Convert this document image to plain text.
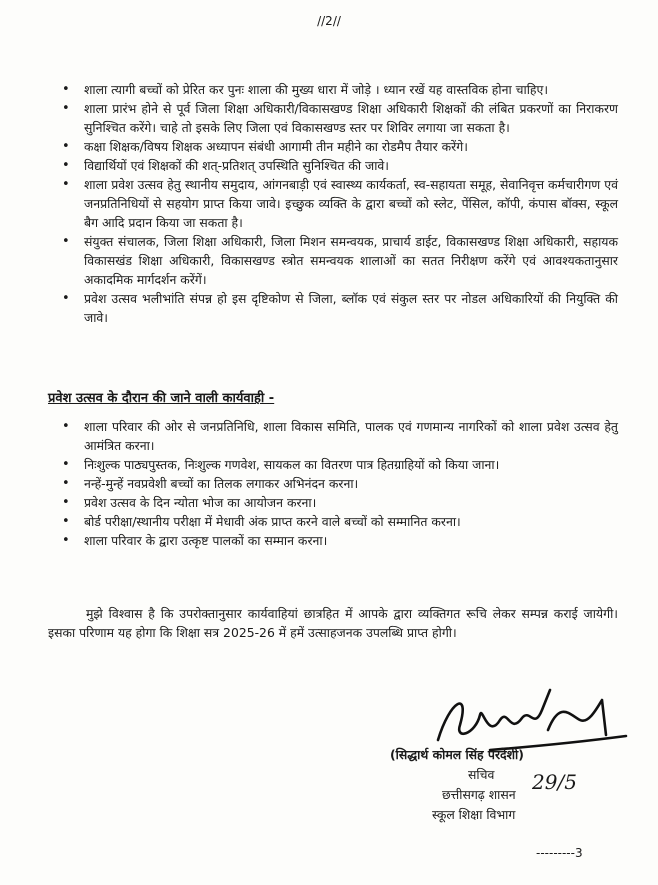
//2//
• शाला त्यागी बच्चों को प्रेरित कर पुनः शाला की मुख्य धारा में जोड़े । ध्यान रखें यह वास्तविक होना चाहिए।
• शाला प्रारंभ होने से पूर्व जिला शिक्षा अधिकारी/विकासखण्ड शिक्षा अधिकारी शिक्षकों की लंबित प्रकरणों का निराकरण सुनिश्चित करेंगे। चाहे तो इसके लिए जिला एवं विकासखण्ड स्तर पर शिविर लगाया जा सकता है।
• कक्षा शिक्षक/विषय शिक्षक अध्यापन संबंधी आगामी तीन महीने का रोडमैप तैयार करेंगे।
• विद्यार्थियों एवं शिक्षकों की शत्-प्रतिशत् उपस्थिति सुनिश्चित की जावे।
• शाला प्रवेश उत्सव हेतु स्थानीय समुदाय, आंगनबाड़ी एवं स्वास्थ्य कार्यकर्ता, स्व-सहायता समूह, सेवानिवृत्त कर्मचारीगण एवं जनप्रतिनिधियों से सहयोग प्राप्त किया जावे। इच्छुक व्यक्ति के द्वारा बच्चों को स्लेट, पेंसिल, कॉपी, कंपास बॉक्स, स्कूल बैग आदि प्रदान किया जा सकता है।
• संयुक्त संचालक, जिला शिक्षा अधिकारी, जिला मिशन समन्वयक, प्राचार्य डाईट, विकासखण्ड शिक्षा अधिकारी, सहायक विकासखंड शिक्षा अधिकारी, विकासखण्ड स्त्रोत समन्वयक शालाओं का सतत निरीक्षण करेंगे एवं आवश्यकतानुसार अकादमिक मार्गदर्शन करेंगें।
• प्रवेश उत्सव भलीभांति संपन्न हो इस दृष्टिकोण से जिला, ब्लॉक एवं संकुल स्तर पर नोडल अधिकारियों की नियुक्ति की जावे।
प्रवेश उत्सव के दौरान की जाने वाली कार्यवाही -
• शाला परिवार की ओर से जनप्रतिनिधि, शाला विकास समिति, पालक एवं गणमान्य नागरिकों को शाला प्रवेश उत्सव हेतु आमंत्रित करना।
• निःशुल्क पाठ्यपुस्तक, निःशुल्क गणवेश, सायकल का वितरण पात्र हितग्राहियों को किया जाना।
• नन्हें-मुन्हें नवप्रवेशी बच्चों का तिलक लगाकर अभिनंदन करना।
• प्रवेश उत्सव के दिन न्योता भोज का आयोजन करना।
• बोर्ड परीक्षा/स्थानीय परीक्षा में मेधावी अंक प्राप्त करने वाले बच्चों को सम्मानित करना।
• शाला परिवार के द्वारा उत्कृष्ट पालकों का सम्मान करना।

मुझे विश्वास है कि उपरोक्तानुसार कार्यवाहियां छात्रहित में आपके द्वारा व्यक्तिगत रूचि लेकर सम्पन्न कराई जायेगी। इसका परिणाम यह होगा कि शिक्षा सत्र 2025-26 में हमें उत्साहजनक उपलब्धि प्राप्त होगी।

(सिद्धार्थ कोमल सिंह परदेशी)
सचिव
छत्तीसगढ़ शासन
स्कूल शिक्षा विभाग
29/5
---------3
